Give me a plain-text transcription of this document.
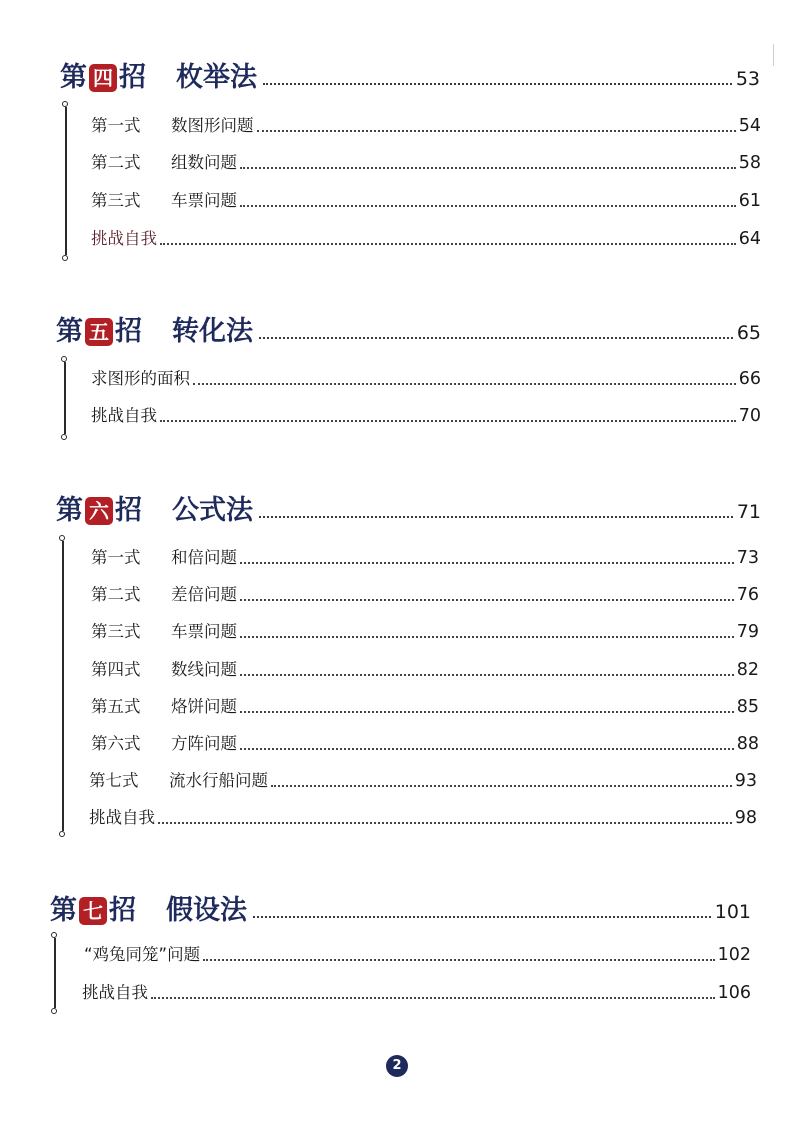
第 四 招 枚举法	53
第一式 数图形问题	54
第二式 组数问题	58
第三式 车票问题	61
挑战自我	64
第 五 招 转化法	65
求图形的面积	66
挑战自我	70
第 六 招 公式法	71
第一式 和倍问题	73
第二式 差倍问题	76
第三式 车票问题	79
第四式 数线问题	82
第五式 烙饼问题	85
第六式 方阵问题	88
第七式 流水行船问题	93
挑战自我	98
第 七 招 假设法	101
“鸡兔同笼”问题	102
挑战自我	106
2
